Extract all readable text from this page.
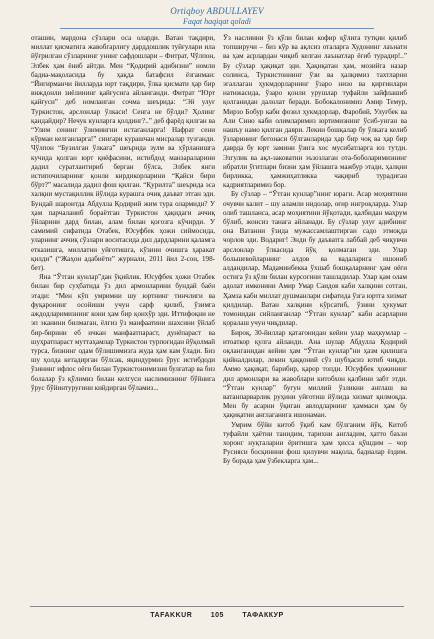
Ortiqboy ABDULLAYEV
Faqat haqiqat qoladi

оташин, мардона сўзлари оса оларди. Ватан тақдири, миллат қисматига жавобгарлигу дарддошлик туйғулари ила йўғрилган сўзларнинг унинг сафдошлари – Фитрат, Чўлпон, Элбек ҳам ёниб айтди. Мен “Қодирий адибизни” номли бадиа-мақоласида бу ҳақда батафсил ёзганман: “Йигирманчи йилларда юрт тақдири, ўлка қисмати ҳар бир виждонли зиёлининг қайғусига айланганди. Фитрат “Юрт қайғуси” деб номланган сочма шеърида: “Эй улуғ Туркистон, арслонлар ўлкаси! Сенга не бўлди? Ҳолинг қандайдир? Нечук кунларга қолдинг?..” деб фарёд қилган ва “Улим сенинг ўлимингни истаганларга! Нафрат сени кўрмаи келганларга!” сингари курашчан мисралар тузганди. Чўлпон “Бузилган ўлкага” шеърида зулм ва хўрланишга кучида қолган юрт қиёфасини, истибдод манзараларини дадил суратлантириб берган бўлса, Элбек янги истипочиларнинг қонли кирдикорларини “Қайси бири бўрт?” масалида дадил фош қилган. “Қурилта” шеърида эса халқни мустақиллик йўлида курашга очиқ даъват этган эди. Бундай шароитда Абдулла Қодирий жим тура олармиди? У ҳам парчаланиб бораётган Туркистон ҳақидаги аччиқ ўйларини дард билан, алам билан қоғозга кўчирди. У самимий сифатида Отабек, Юсуфбек ҳожи сиймосида, уларнинг аччиқ сўзлари воситасида дил дардларини қаламга етказишга, миллатни уйғотишга, кўзини очишга ҳаракат қилди” (“Жаҳон адабиёти” журнали, 2011 йил 2-сон, 198-бет).

Яна “Ўтган кунлар”дан ўқийлик. Юсуфбек ҳожи Отабек билан бир суҳбатида ўз дил армонларини бундай баён этади: “Мен кўп умримни шу юртнинг тинчлиги ва фуқаронинг осойиши учун сарф қилиб, ўзимга аждодларимизнинг кони ҳам бир қонхўр эди. Иттифоқни не эп эканини билмаган, ёлғиз ўз манфаатини шахсини ўйлаб бир-бирини еб ичкан манфаатпараст, дунёпараст ва шуҳратпараст муттаҳамлар Туркистон турпоғидан йўқолмай турса, бизнинг одам бўлишимизга жуда ҳам кам ўлади. Биз шу ҳолда кетадирган бўлсак, яқиндурмиз ўрус истибдоди ўзининг ифлос оёғи билан Туркистонимизни булғатар ва биз болалар ўз қўлимиз билан келгуси наслимизнинг бўйнига ўрус бўйинтуруғини кийдирган бўламиз...

Ўз наслинни ўз қўли билан кофир қўлига тутқин қилиб топширучи – биз кўр ва ақлсиз оталарга Худонинг лаънати ва ҳам асрлардан чиқиб келган лаънатлар ёғиб турадир!..” Бу сўзлар ҳақиқат эди. Ҳақиқатан ҳам, мозийга назар солинса, Туркистоннинг ўзи ва ҳалқимиз тахтларни эгаллаган ҳукмдорларнинг ўзаро низо ва қирғинлари натижасида, ўзаро қонли урушлар туфайли зайфлашиб қолганидан далолат беради. Бобокалонимиз Амир Темур, Мирзо Бобур каби фозил ҳукмдорлар, Фаробий, Улуғбек ва Али Сино каби олимларимиз юртимизнинг ўсиб-унган ва нашъу намо қилган даври. Лекин бошқалар бу ўлкага келиб ўзларининг бегонаси бўлганларида ҳар бир чоқ ва ҳар бир даврда бу юрт замини ўзига хос мусибатларга юз тутди. Эзгулик ва ақл-заковатни эъзозлаган ота-боболаримизнинг ибратли ўгитлари бизни ҳам ўйлашга мажбур этади, ҳалқни бирликка, ҳамжиҳатликка чақириб турадиган кадриятларимиз бор.

Бу сўзлар – “Ўтган кунлар”нинг юраги. Асар моҳиятини очувчи калит – шу аламли нидолар, оғир ингроқларда. Улар олиб ташланса, асар моҳиятини йўқотади, қалбидан маҳрум бўлиб, жонсиз танага айланади. Бу сўзлар улуғ адибнинг она Ватанни ўзида мужассамлаштирган садо этмоқда чорлов эди. Водариг! Энди бу даъватга лаббай деб чиқувчи арслонлар ўлкасида йўқ қолмаган эди. Улар большевойларнинг алдов ва вадаларига ишониб алдандилар, Мадаминбекка ўхшаб бошқаларнинг ҳам оёғи остига ўз қўли билан курсоғини ташладилар. Улар қам олам адолат имконини Амир Умар Саидов каби халқини сотган, Ҳамза каби миллат душманлари сифатида ўзга юртга хизмат қилдилар. Ватан халқини кўрсатиб, ўзини ҳукумат томонидан сийланганлар “Ўтган кунлар” каби асарларни қоралаш учун чиқдилар.

Бироқ, 30-йиллар қатағонидан кейин улар маҳкумлар – итоаткор қулга айланди. Ана шулар Абдулла Қодирий оқланганидан кейин ҳам “Ўтган кунлар”ни ҳазм қилишга қийналдилар, лекин ҳаққоний сўз шубҳасиз ютиб чиқди. Аммо ҳақиқат, барибир, қарор топди. Юсуфбек ҳожининг дил армонлари ва жавоблари китобхон қалбини забт этди. “Ўтган кунлар” бугун миллий ўзликни англаш ва ватанпарварлик руҳини уйғотиш йўлида хизмат қилмоқда. Мен бу асарни ўқиган авлодларнинг ҳаммаси ҳам бу ҳақиқатни англаганига ишонаман.

Умрим бўйи китоб ўқиб кам бўлганим йўқ. Китоб туфайли ҳаётни танидим, тарихни англадим, ҳатто баъзи хоронг нуқталарни ёритишга ҳам ҳисса қўшдим – чор Русияси босқинини фош қилувчи мақола, бадиалар ёздим. Бу борада ҳам ўзбекларга ҳам...

TAFAKKUR	105	ТАФАККУР
